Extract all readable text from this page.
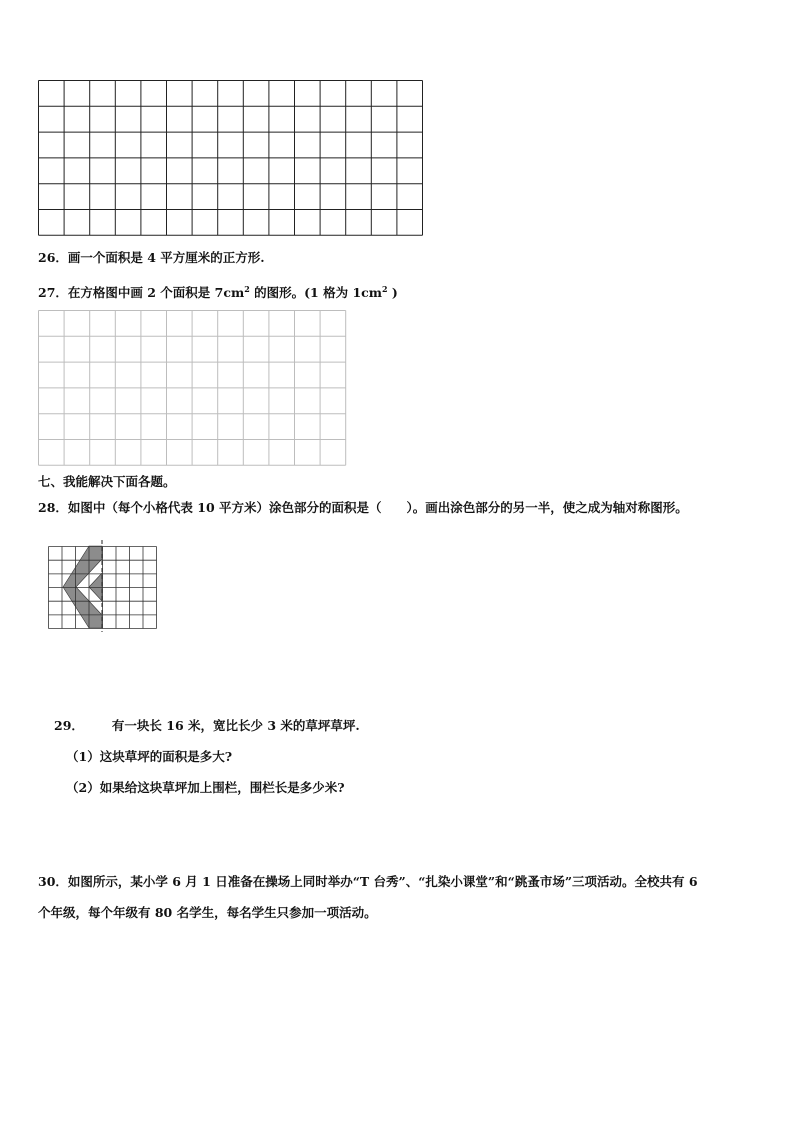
26．画一个面积是 4 平方厘米的正方形.
27．在方格图中画 2 个面积是 $7cm^2$ 的图形。(1 格为 $1cm^2$ )
七、我能解决下面各题。
28．如图中（每个小格代表 10 平方米）涂色部分的面积是（　　）。画出涂色部分的另一半，使之成为轴对称图形。
29． 有一块长 16 米，宽比长少 3 米的草坪草坪.
（1）这块草坪的面积是多大?
（2）如果给这块草坪加上围栏，围栏长是多少米?
30．如图所示，某小学 6 月 1 日准备在操场上同时举办“T 台秀”、“扎染小课堂”和“跳蚤市场”三项活动。全校共有 6
个年级，每个年级有 80 名学生，每名学生只参加一项活动。
